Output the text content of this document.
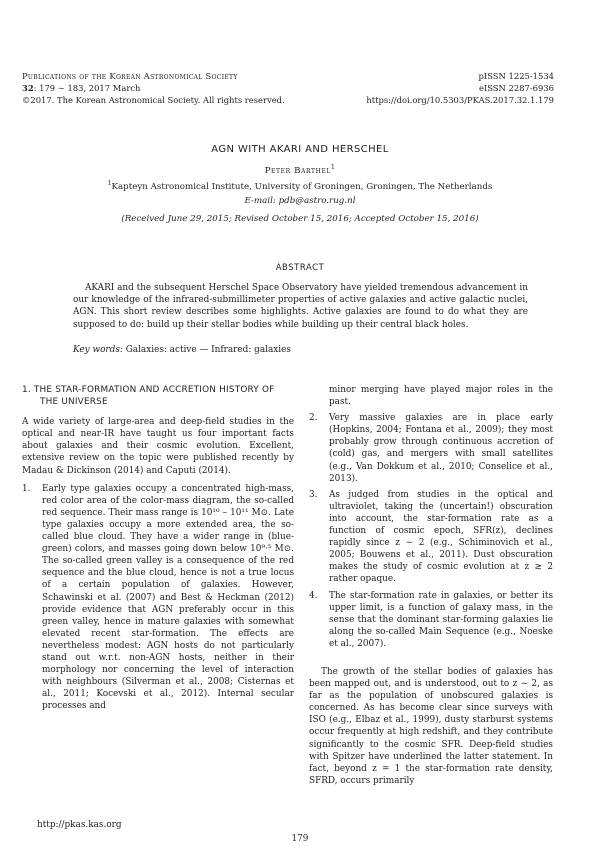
Publications of the Korean Astronomical Society
32: 179 ∼ 183, 2017 March
©2017. The Korean Astronomical Society. All rights reserved.
pISSN 1225-1534
eISSN 2287-6936
https://doi.org/10.5303/PKAS.2017.32.1.179
AGN WITH AKARI AND HERSCHEL
Peter Barthel$^1$
$^1$Kapteyn Astronomical Institute, University of Groningen, Groningen, The Netherlands
E-mail: pdb@astro.rug.nl
(Received June 29, 2015; Revised October 15, 2016; Accepted October 15, 2016)
ABSTRACT

AKARI and the subsequent Herschel Space Observatory have yielded tremendous advancement in our knowledge of the infrared-submillimeter properties of active galaxies and active galactic nuclei, AGN. This short review describes some highlights. Active galaxies are found to do what they are supposed to do: build up their stellar bodies while building up their central black holes.

Key words: Galaxies: active — Infrared: galaxies

1. THE STAR-FORMATION AND ACCRETION HISTORY OF THE UNIVERSE

A wide variety of large-area and deep-field studies in the optical and near-IR have taught us four important facts about galaxies and their cosmic evolution. Excellent, extensive review on the topic were published recently by Madau & Dickinson (2014) and Caputi (2014).

1.	Early type galaxies occupy a concentrated high-mass, red color area of the color-mass diagram, the so-called red sequence. Their mass range is 10¹⁰ – 10¹¹ M⊙. Late type galaxies occupy a more extended area, the so-called blue cloud. They have a wider range in (blue-green) colors, and masses going down below 10⁹·⁵ M⊙. The so-called green valley is a consequence of the red sequence and the blue cloud, hence is not a true locus of a certain population of galaxies. However, Schawinski et al. (2007) and Best & Heckman (2012) provide evidence that AGN preferably occur in this green valley, hence in mature galaxies with somewhat elevated recent star-formation. The effects are nevertheless modest: AGN hosts do not particularly stand out w.r.t. non-AGN hosts, neither in their morphology nor concerning the level of interaction with neighbours (Silverman et al., 2008; Cisternas et al., 2011; Kocevski et al., 2012). Internal secular processes and
minor merging have played major roles in the past.
2.	Very massive galaxies are in place early (Hopkins, 2004; Fontana et al., 2009); they most probably grow through continuous accretion of (cold) gas, and mergers with small satellites (e.g., Van Dokkum et al., 2010; Conselice et al., 2013).
3.	As judged from studies in the optical and ultraviolet, taking the (uncertain!) obscuration into account, the star-formation rate as a function of cosmic epoch, SFR(z), declines rapidly since z ∼ 2 (e.g., Schiminovich et al., 2005; Bouwens et al., 2011). Dust obscuration makes the study of cosmic evolution at z ≳ 2 rather opaque.
4.	The star-formation rate in galaxies, or better its upper limit, is a function of galaxy mass, in the sense that the dominant star-forming galaxies lie along the so-called Main Sequence (e.g., Noeske et al., 2007).

The growth of the stellar bodies of galaxies has been mapped out, and is understood, out to z ∼ 2, as far as the population of unobscured galaxies is concerned. As has become clear since surveys with ISO (e.g., Elbaz et al., 1999), dusty starburst systems occur frequently at high redshift, and they contribute significantly to the cosmic SFR. Deep-field studies with Spitzer have underlined the latter statement. In fact, beyond z = 1 the star-formation rate density, SFRD, occurs primarily

http://pkas.kas.org
179
